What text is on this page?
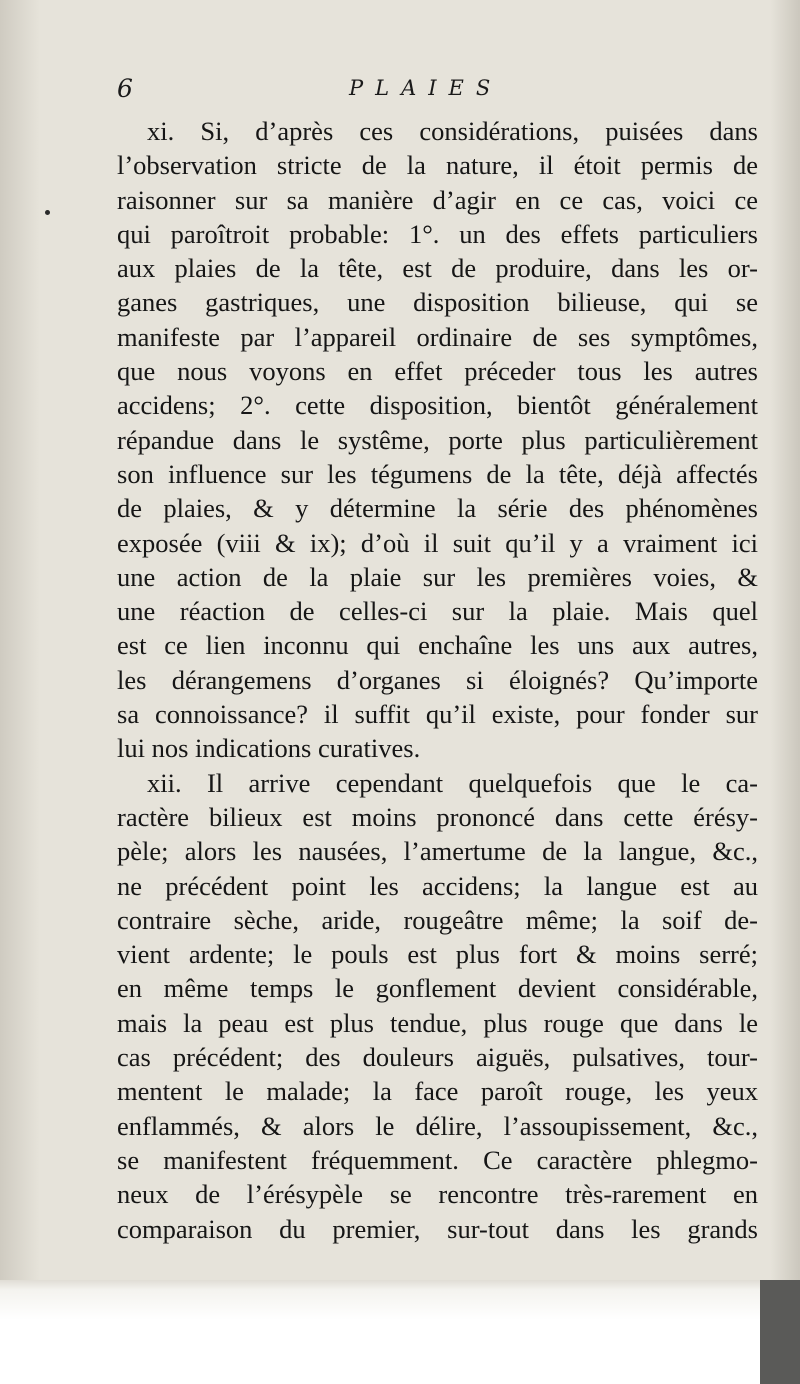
6	PLAIES
xi. Si, d’après ces considérations, puisées dans
l’observation stricte de la nature, il étoit permis de
raisonner sur sa manière d’agir en ce cas, voici ce
qui paroîtroit probable: 1°. un des effets particuliers
aux plaies de la tête, est de produire, dans les or-
ganes gastriques, une disposition bilieuse, qui se
manifeste par l’appareil ordinaire de ses symptômes,
que nous voyons en effet préceder tous les autres
accidens; 2°. cette disposition, bientôt généralement
répandue dans le systême, porte plus particulièrement
son influence sur les tégumens de la tête, déjà affectés
de plaies, & y détermine la série des phénomènes
exposée (viii & ix); d’où il suit qu’il y a vraiment ici
une action de la plaie sur les premières voies, &
une réaction de celles-ci sur la plaie. Mais quel
est ce lien inconnu qui enchaîne les uns aux autres,
les dérangemens d’organes si éloignés? Qu’importe
sa connoissance? il suffit qu’il existe, pour fonder sur
lui nos indications curatives.
xii. Il arrive cependant quelquefois que le ca-
ractère bilieux est moins prononcé dans cette érésy-
pèle; alors les nausées, l’amertume de la langue, &c.,
ne précédent point les accidens; la langue est au
contraire sèche, aride, rougeâtre même; la soif de-
vient ardente; le pouls est plus fort & moins serré;
en même temps le gonflement devient considérable,
mais la peau est plus tendue, plus rouge que dans le
cas précédent; des douleurs aiguës, pulsatives, tour-
mentent le malade; la face paroît rouge, les yeux
enflammés, & alors le délire, l’assoupissement, &c.,
se manifestent fréquemment. Ce caractère phlegmo-
neux de l’érésypèle se rencontre très-rarement en
comparaison du premier, sur-tout dans les grands
